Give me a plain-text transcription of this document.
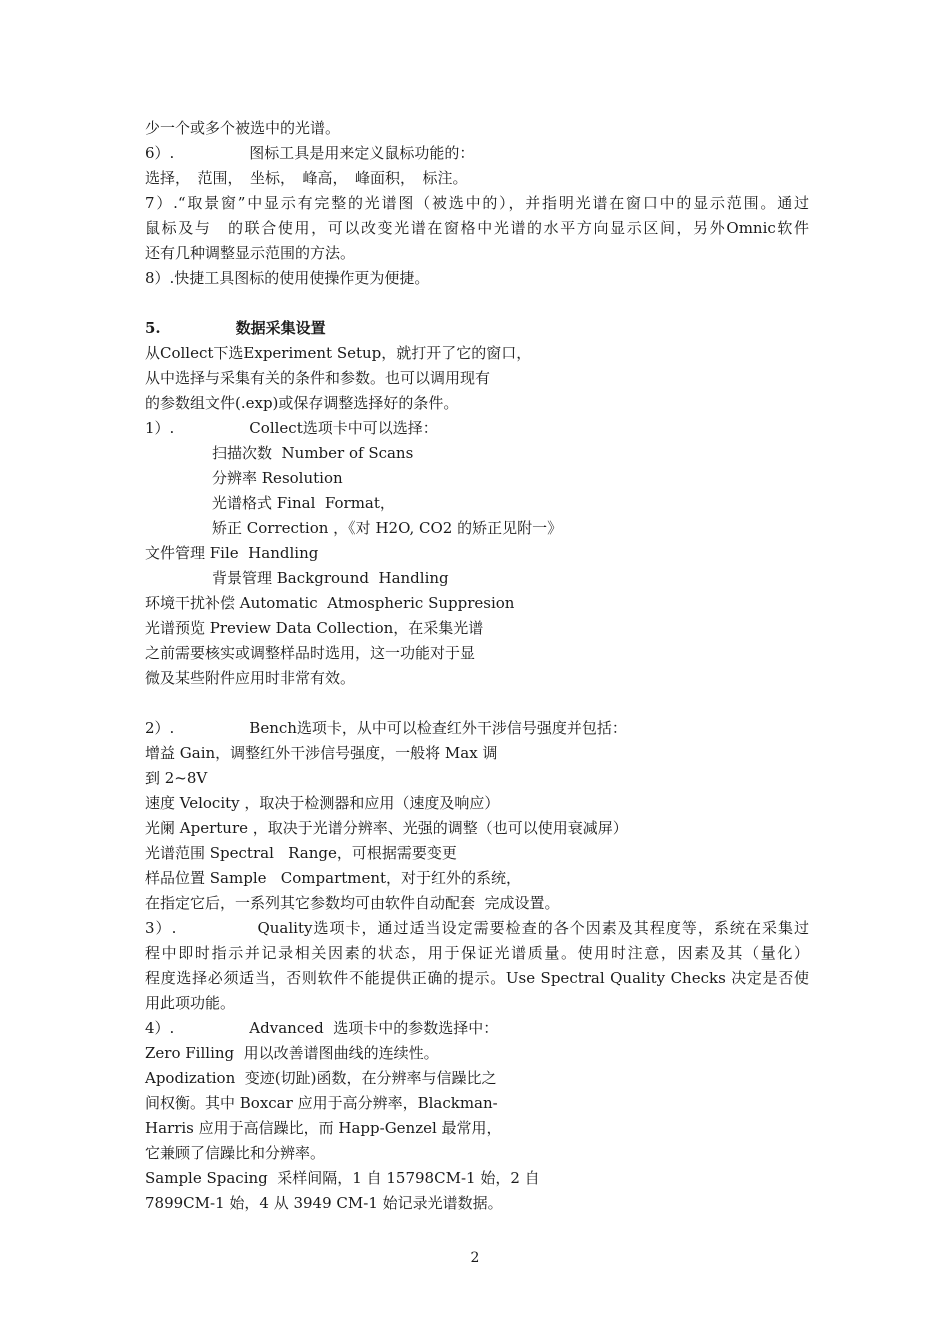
少一个或多个被选中的光谱。
6）.　　　　　图标工具是用来定义鼠标功能的：
选择，　范围，　坐标，　峰高，　峰面积，　标注。
7）.“取景窗”中显示有完整的光谱图（被选中的），并指明光谱在窗口中的显示范围。通过
鼠标及与　的联合使用，可以改变光谱在窗格中光谱的水平方向显示区间，另外Omnic软件
还有几种调整显示范围的方法。
8）.快捷工具图标的使用使操作更为便捷。
5.　　　　　数据采集设置
从Collect下选Experiment Setup，就打开了它的窗口，
从中选择与采集有关的条件和参数。也可以调用现有
的参数组文件(.exp)或保存调整选择好的条件。
1）.　　　　　Collect选项卡中可以选择：
扫描次数  Number of Scans
分辨率 Resolution
光谱格式 Final  Format，
矫正 Correction ，《对 H2O, CO2 的矫正见附一》
文件管理 File  Handling
背景管理 Background  Handling
环境干扰补偿 Automatic  Atmospheric Suppresion
光谱预览 Preview Data Collection，在采集光谱
之前需要核实或调整样品时选用，这一功能对于显
微及某些附件应用时非常有效。
2）.　　　　　Bench选项卡，从中可以检查红外干涉信号强度并包括：
增益 Gain，调整红外干涉信号强度，一般将 Max 调
到 2~8V
速度 Velocity ，取决于检测器和应用（速度及响应）
光阑 Aperture ，取决于光谱分辨率、光强的调整（也可以使用衰减屏）
光谱范围 Spectral   Range，可根据需要变更
样品位置 Sample   Compartment，对于红外的系统，
在指定它后，一系列其它参数均可由软件自动配套  完成设置。
3）.　　　　　Quality选项卡，通过适当设定需要检查的各个因素及其程度等，系统在采集过
程中即时指示并记录相关因素的状态，用于保证光谱质量。使用时注意，因素及其（量化）
程度选择必须适当，否则软件不能提供正确的提示。Use Spectral Quality Checks 决定是否使
用此项功能。
4）.　　　　　Advanced  选项卡中的参数选择中：
Zero Filling  用以改善谱图曲线的连续性。
Apodization  变迹(切趾)函数，在分辨率与信躁比之
间权衡。其中 Boxcar 应用于高分辨率，Blackman-
Harris 应用于高信躁比，而 Happ-Genzel 最常用，
它兼顾了信躁比和分辨率。
Sample Spacing  采样间隔，1 自 15798CM-1 始，2 自
7899CM-1 始，4 从 3949 CM-1 始记录光谱数据。
2
